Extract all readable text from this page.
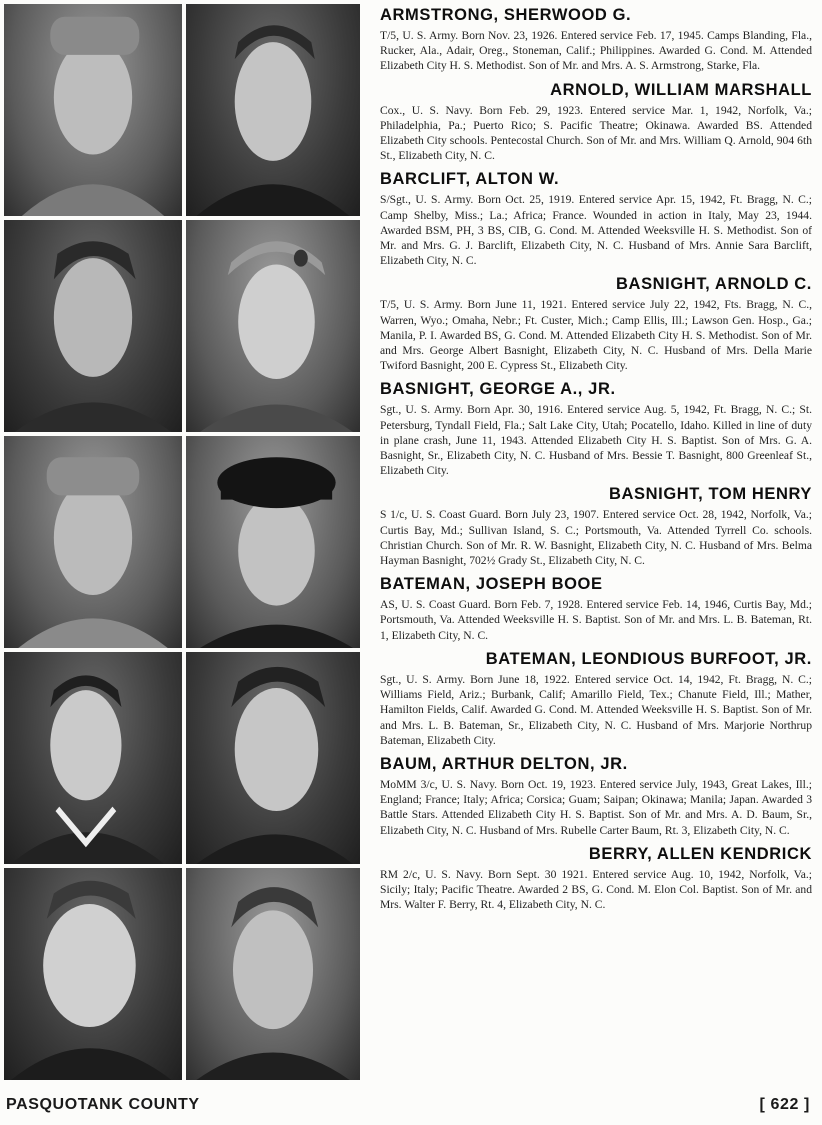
ARMSTRONG, SHERWOOD G.

T/5, U. S. Army. Born Nov. 23, 1926. Entered service Feb. 17, 1945. Camps Blanding, Fla., Rucker, Ala., Adair, Oreg., Stoneman, Calif.; Philippines. Awarded G. Cond. M. Attended Elizabeth City H. S. Methodist. Son of Mr. and Mrs. A. S. Armstrong, Starke, Fla.

ARNOLD, WILLIAM MARSHALL

Cox., U. S. Navy. Born Feb. 29, 1923. Entered service Mar. 1, 1942, Norfolk, Va.; Philadelphia, Pa.; Puerto Rico; S. Pacific Theatre; Okinawa. Awarded BS. Attended Elizabeth City schools. Pentecostal Church. Son of Mr. and Mrs. William Q. Arnold, 904 6th St., Elizabeth City, N. C.

BARCLIFT, ALTON W.

S/Sgt., U. S. Army. Born Oct. 25, 1919. Entered service Apr. 15, 1942, Ft. Bragg, N. C.; Camp Shelby, Miss.; La.; Africa; France. Wounded in action in Italy, May 23, 1944. Awarded BSM, PH, 3 BS, CIB, G. Cond. M. Attended Weeksville H. S. Methodist. Son of Mr. and Mrs. G. J. Barclift, Elizabeth City, N. C. Husband of Mrs. Annie Sara Barclift, Elizabeth City, N. C.

BASNIGHT, ARNOLD C.

T/5, U. S. Army. Born June 11, 1921. Entered service July 22, 1942, Fts. Bragg, N. C., Warren, Wyo.; Omaha, Nebr.; Ft. Custer, Mich.; Camp Ellis, Ill.; Lawson Gen. Hosp., Ga.; Manila, P. I. Awarded BS, G. Cond. M. Attended Elizabeth City H. S. Methodist. Son of Mr. and Mrs. George Albert Basnight, Elizabeth City, N. C. Husband of Mrs. Della Marie Twiford Basnight, 200 E. Cypress St., Elizabeth City.

BASNIGHT, GEORGE A., JR.

Sgt., U. S. Army. Born Apr. 30, 1916. Entered service Aug. 5, 1942, Ft. Bragg, N. C.; St. Petersburg, Tyndall Field, Fla.; Salt Lake City, Utah; Pocatello, Idaho. Killed in line of duty in plane crash, June 11, 1943. Attended Elizabeth City H. S. Baptist. Son of Mrs. G. A. Basnight, Sr., Elizabeth City, N. C. Husband of Mrs. Bessie T. Basnight, 800 Greenleaf St., Elizabeth City.

BASNIGHT, TOM HENRY

S 1/c, U. S. Coast Guard. Born July 23, 1907. Entered service Oct. 28, 1942, Norfolk, Va.; Curtis Bay, Md.; Sullivan Island, S. C.; Portsmouth, Va. Attended Tyrrell Co. schools. Christian Church. Son of Mr. R. W. Basnight, Elizabeth City, N. C. Husband of Mrs. Belma Hayman Basnight, 702½ Grady St., Elizabeth City, N. C.

BATEMAN, JOSEPH BOOE

AS, U. S. Coast Guard. Born Feb. 7, 1928. Entered service Feb. 14, 1946, Curtis Bay, Md.; Portsmouth, Va. Attended Weeksville H. S. Baptist. Son of Mr. and Mrs. L. B. Bateman, Rt. 1, Elizabeth City, N. C.

BATEMAN, LEONDIOUS BURFOOT, JR.

Sgt., U. S. Army. Born June 18, 1922. Entered service Oct. 14, 1942, Ft. Bragg, N. C.; Williams Field, Ariz.; Burbank, Calif; Amarillo Field, Tex.; Chanute Field, Ill.; Mather, Hamilton Fields, Calif. Awarded G. Cond. M. Attended Weeksville H. S. Baptist. Son of Mr. and Mrs. L. B. Bateman, Sr., Elizabeth City, N. C. Husband of Mrs. Marjorie Northrup Bateman, Elizabeth City.

BAUM, ARTHUR DELTON, JR.

MoMM 3/c, U. S. Navy. Born Oct. 19, 1923. Entered service July, 1943, Great Lakes, Ill.; England; France; Italy; Africa; Corsica; Guam; Saipan; Okinawa; Manila; Japan. Awarded 3 Battle Stars. Attended Elizabeth City H. S. Baptist. Son of Mr. and Mrs. A. D. Baum, Sr., Elizabeth City, N. C. Husband of Mrs. Rubelle Carter Baum, Rt. 3, Elizabeth City, N. C.

BERRY, ALLEN KENDRICK

RM 2/c, U. S. Navy. Born Sept. 30 1921. Entered service Aug. 10, 1942, Norfolk, Va.; Sicily; Italy; Pacific Theatre. Awarded 2 BS, G. Cond. M. Elon Col. Baptist. Son of Mr. and Mrs. Walter F. Berry, Rt. 4, Elizabeth City, N. C.

PASQUOTANK COUNTY	[ 622 ]
